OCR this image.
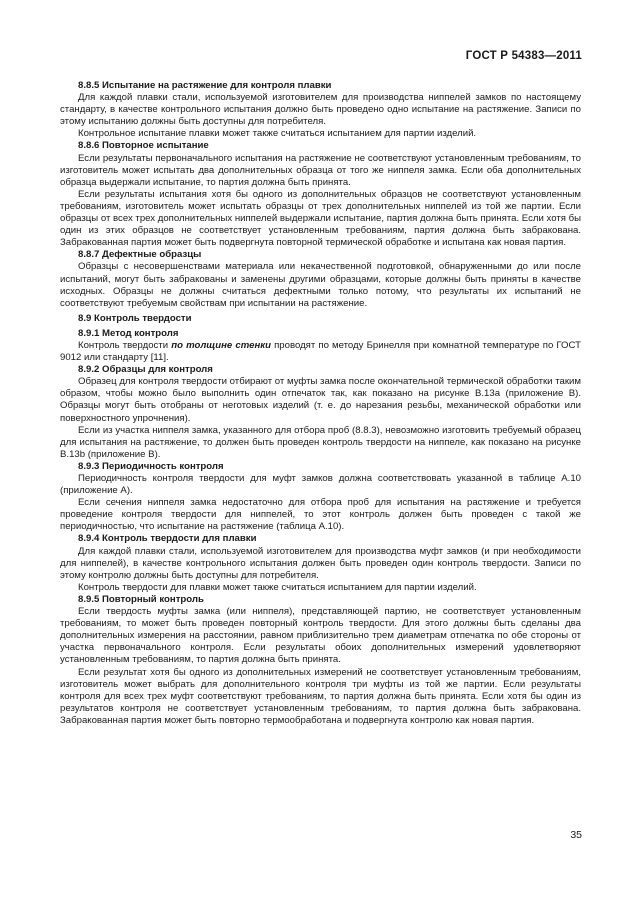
ГОСТ Р 54383—2011

8.8.5 Испытание на растяжение для контроля плавки

Для каждой плавки стали, используемой изготовителем для производства ниппелей замков по настоящему стандарту, в качестве контрольного испытания должно быть проведено одно испытание на растяжение. Записи по этому испытанию должны быть доступны для потребителя.

Контрольное испытание плавки может также считаться испытанием для партии изделий.

8.8.6 Повторное испытание

Если результаты первоначального испытания на растяжение не соответствуют установленным требованиям, то изготовитель может испытать два дополнительных образца от того же ниппеля замка. Если оба дополнительных образца выдержали испытание, то партия должна быть принята.

Если результаты испытания хотя бы одного из дополнительных образцов не соответствуют установленным требованиям, изготовитель может испытать образцы от трех дополнительных ниппелей из той же партии. Если образцы от всех трех дополнительных ниппелей выдержали испытание, партия должна быть принята. Если хотя бы один из этих образцов не соответствует установленным требованиям, партия должна быть забракована. Забракованная партия может быть подвергнута повторной термической обработке и испытана как новая партия.

8.8.7 Дефектные образцы

Образцы с несовершенствами материала или некачественной подготовкой, обнаруженными до или после испытаний, могут быть забракованы и заменены другими образцами, которые должны быть приняты в качестве исходных. Образцы не должны считаться дефектными только потому, что результаты их испытаний не соответствуют требуемым свойствам при испытании на растяжение.

8.9 Контроль твердости

8.9.1 Метод контроля

Контроль твердости по толщине стенки проводят по методу Бринелля при комнатной температуре по ГОСТ 9012 или стандарту [11].

8.9.2 Образцы для контроля

Образец для контроля твердости отбирают от муфты замка после окончательной термической обработки таким образом, чтобы можно было выполнить один отпечаток так, как показано на рисунке В.13а (приложение В). Образцы могут быть отобраны от неготовых изделий (т. е. до нарезания резьбы, механической обработки или поверхностного упрочнения).

Если из участка ниппеля замка, указанного для отбора проб (8.8.3), невозможно изготовить требуемый образец для испытания на растяжение, то должен быть проведен контроль твердости на ниппеле, как показано на рисунке В.13b (приложение В).

8.9.3 Периодичность контроля

Периодичность контроля твердости для муфт замков должна соответствовать указанной в таблице А.10 (приложение А).

Если сечения ниппеля замка недостаточно для отбора проб для испытания на растяжение и требуется проведение контроля твердости для ниппелей, то этот контроль должен быть проведен с такой же периодичностью, что испытание на растяжение (таблица А.10).

8.9.4 Контроль твердости для плавки

Для каждой плавки стали, используемой изготовителем для производства муфт замков (и при необходимости для ниппелей), в качестве контрольного испытания должен быть проведен один контроль твердости. Записи по этому контролю должны быть доступны для потребителя.

Контроль твердости для плавки может также считаться испытанием для партии изделий.

8.9.5 Повторный контроль

Если твердость муфты замка (или ниппеля), представляющей партию, не соответствует установленным требованиям, то может быть проведен повторный контроль твердости. Для этого должны быть сделаны два дополнительных измерения на расстоянии, равном приблизительно трем диаметрам отпечатка по обе стороны от участка первоначального контроля. Если результаты обоих дополнительных измерений удовлетворяют установленным требованиям, то партия должна быть принята.

Если результат хотя бы одного из дополнительных измерений не соответствует установленным требованиям, изготовитель может выбрать для дополнительного контроля три муфты из той же партии. Если результаты контроля для всех трех муфт соответствуют требованиям, то партия должна быть принята. Если хотя бы один из результатов контроля не соответствует установленным требованиям, то партия должна быть забракована. Забракованная партия может быть повторно термообработана и подвергнута контролю как новая партия.

35
